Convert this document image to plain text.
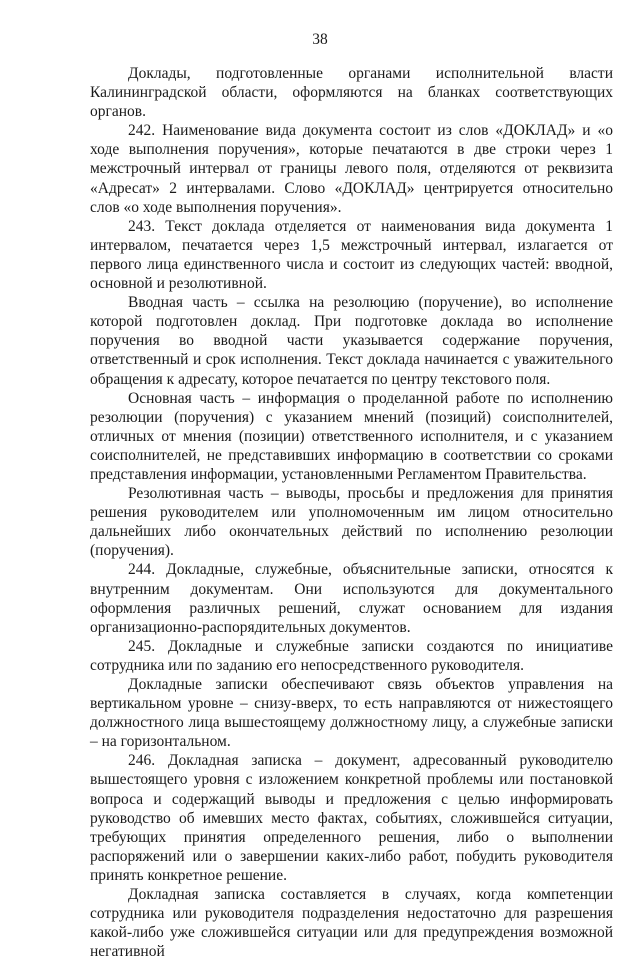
38

Доклады, подготовленные органами исполнительной власти Калининградской области, оформляются на бланках соответствующих органов.

242. Наименование вида документа состоит из слов «ДОКЛАД» и «о ходе выполнения поручения», которые печатаются в две строки через 1 межстрочный интервал от границы левого поля, отделяются от реквизита «Адресат» 2 интервалами. Слово «ДОКЛАД» центрируется относительно слов «о ходе выполнения поручения».

243. Текст доклада отделяется от наименования вида документа 1 интервалом, печатается через 1,5 межстрочный интервал, излагается от первого лица единственного числа и состоит из следующих частей: вводной, основной и резолютивной.

Вводная часть – ссылка на резолюцию (поручение), во исполнение которой подготовлен доклад. При подготовке доклада во исполнение поручения во вводной части указывается содержание поручения, ответственный и срок исполнения. Текст доклада начинается с уважительного обращения к адресату, которое печатается по центру текстового поля.

Основная часть – информация о проделанной работе по исполнению резолюции (поручения) с указанием мнений (позиций) соисполнителей, отличных от мнения (позиции) ответственного исполнителя, и с указанием соисполнителей, не представивших информацию в соответствии со сроками представления информации, установленными Регламентом Правительства.

Резолютивная часть – выводы, просьбы и предложения для принятия решения руководителем или уполномоченным им лицом относительно дальнейших либо окончательных действий по исполнению резолюции (поручения).

244. Докладные, служебные, объяснительные записки, относятся к внутренним документам. Они используются для документального оформления различных решений, служат основанием для издания организационно-распорядительных документов.

245. Докладные и служебные записки создаются по инициативе сотрудника или по заданию его непосредственного руководителя.

Докладные записки обеспечивают связь объектов управления на вертикальном уровне – снизу-вверх, то есть направляются от нижестоящего должностного лица вышестоящему должностному лицу, а служебные записки – на горизонтальном.

246. Докладная записка – документ, адресованный руководителю вышестоящего уровня с изложением конкретной проблемы или постановкой вопроса и содержащий выводы и предложения с целью информировать руководство об имевших место фактах, событиях, сложившейся ситуации, требующих принятия определенного решения, либо о выполнении распоряжений или о завершении каких-либо работ, побудить руководителя принять конкретное решение.

Докладная записка составляется в случаях, когда компетенции сотрудника или руководителя подразделения недостаточно для разрешения какой-либо уже сложившейся ситуации или для предупреждения возможной негативной
